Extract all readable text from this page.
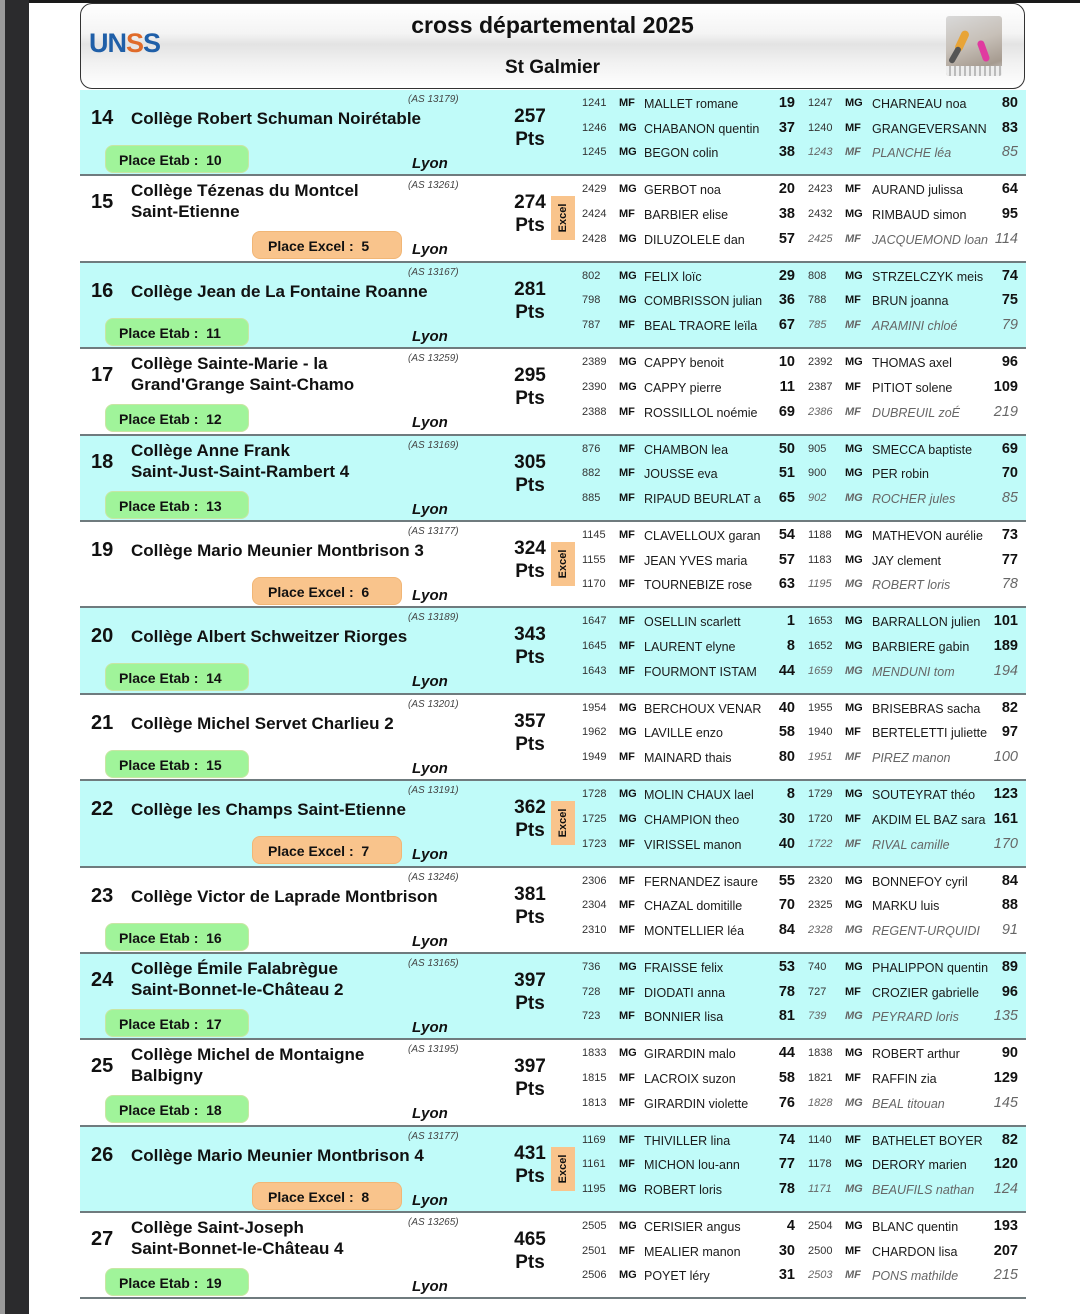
UNSS
cross départemental 2025
St Galmier
14 Collège Robert Schuman Noirétable
(AS 13179)
Lyon
Place Etab :  10
257
Pts
1241 MF MALLET romane	19 1247 MG CHARNEAU noa	80
1246 MG CHABANON quentin	37 1240 MF GRANGEVERSANN	83
1245 MG BEGON colin	38 1243 MF PLANCHE léa	85
15
Collège Tézenas du Montcel
Saint-Etienne
(AS 13261)
Lyon
Place Excel :  5
274
Pts	Excel
2429 MG GERBOT noa	20 2423 MF AURAND julissa	64
2424 MF BARBIER elise	38 2432 MG RIMBAUD simon	95
2428 MG DILUZOLELE dan	57 2425 MF JACQUEMOND loan 114
16 Collège Jean de La Fontaine Roanne
(AS 13167)
Lyon
Place Etab :  11
281
Pts
802 MG FELIX loïc	29 808 MG STRZELCZYK meis	74
798 MG COMBRISSON julian	36 788 MF BRUN joanna	75
787 MF BEAL TRAORE leïla	67 785 MF ARAMINI chloé	79
17
Collège Sainte-Marie - la
Grand'Grange Saint-Chamo
(AS 13259)
Lyon
Place Etab :  12
295
Pts
2389 MG CAPPY benoit	10 2392 MG THOMAS axel	96
2390 MG CAPPY pierre	11 2387 MF PITIOT solene	109
2388 MF ROSSILLOL noémie	69 2386 MF DUBREUIL zoÉ 219
18
Collège Anne Frank
Saint-Just-Saint-Rambert 4
(AS 13169)
Lyon
Place Etab :  13
305
Pts
876 MF CHAMBON lea	50 905 MG SMECCA baptiste	69
882 MF JOUSSE eva	51 900 MG PER robin	70
885 MF RIPAUD BEURLAT a	65 902 MG ROCHER jules	85
19 Collège Mario Meunier Montbrison 3
(AS 13177)
Lyon
Place Excel :  6
324
Pts	Excel
1145 MF CLAVELLOUX garan	54 1188 MG MATHEVON aurélie	73
1155 MF JEAN YVES maria	57 1183 MG JAY clement	77
1170 MF TOURNEBIZE rose	63 1195 MG ROBERT loris	78
20 Collège Albert Schweitzer Riorges
(AS 13189)
Lyon
Place Etab :  14
343
Pts
1647 MF OSELLIN scarlett	1 1653 MG BARRALLON julien 101
1645 MF LAURENT elyne	8 1652 MG BARBIERE gabin 189
1643 MF FOURMONT ISTAM	44 1659 MG MENDUNI tom	194
21 Collège Michel Servet Charlieu 2
(AS 13201)
Lyon
Place Etab :  15
357
Pts
1954 MG BERCHOUX VENAR	40 1955 MG BRISEBRAS sacha	82
1962 MG LAVILLE enzo	58 1940 MF BERTELETTI juliette	97
1949 MF MAINARD thais	80 1951 MF PIREZ manon	100
22 Collège les Champs Saint-Etienne
(AS 13191)
Lyon
Place Excel :  7
362
Pts	Excel
1728 MG MOLIN CHAUX lael	8 1729 MG SOUTEYRAT théo 123
1725 MG CHAMPION theo	30 1720 MF AKDIM EL BAZ sara 161
1723 MF VIRISSEL manon	40 1722 MF RIVAL camille	170
23 Collège Victor de Laprade Montbrison
(AS 13246)
Lyon
Place Etab :  16
381
Pts
2306 MF FERNANDEZ isaure	55 2320 MG BONNEFOY cyril	84
2304 MF CHAZAL domitille	70 2325 MG MARKU luis	88
2310 MF MONTELLIER léa	84 2328 MG REGENT-URQUIDI	91
24
Collège Émile Falabrègue
Saint-Bonnet-le-Château 2
(AS 13165)
Lyon
Place Etab :  17
397
Pts
736 MG FRAISSE felix	53 740 MG PHALIPPON quentin 89
728 MF DIODATI anna	78 727 MF CROZIER gabrielle	96
723 MF BONNIER lisa	81 739 MG PEYRARD loris 135
25
Collège Michel de Montaigne
Balbigny
(AS 13195)
Lyon
Place Etab :  18
397
Pts
1833 MG GIRARDIN malo	44 1838 MG ROBERT arthur	90
1815 MF LACROIX suzon	58 1821 MF RAFFIN zia	129
1813 MF GIRARDIN violette	76 1828 MG BEAL titouan	145
26 Collège Mario Meunier Montbrison 4
(AS 13177)
Lyon
Place Excel :  8
431
Pts	Excel
1169 MF THIVILLER lina	74 1140 MF BATHELET BOYER	82
1161 MF MICHON lou-ann	77 1178 MG DERORY marien 120
1195 MG ROBERT loris	78 1171 MG BEAUFILS nathan 124
27
Collège Saint-Joseph
Saint-Bonnet-le-Château 4
(AS 13265)
Lyon
Place Etab :  19
465
Pts
2505 MG CERISIER angus	4 2504 MG BLANC quentin 193
2501 MF MEALIER manon	30 2500 MF CHARDON lisa	207
2506 MG POYET léry	31 2503 MF PONS mathilde 215
